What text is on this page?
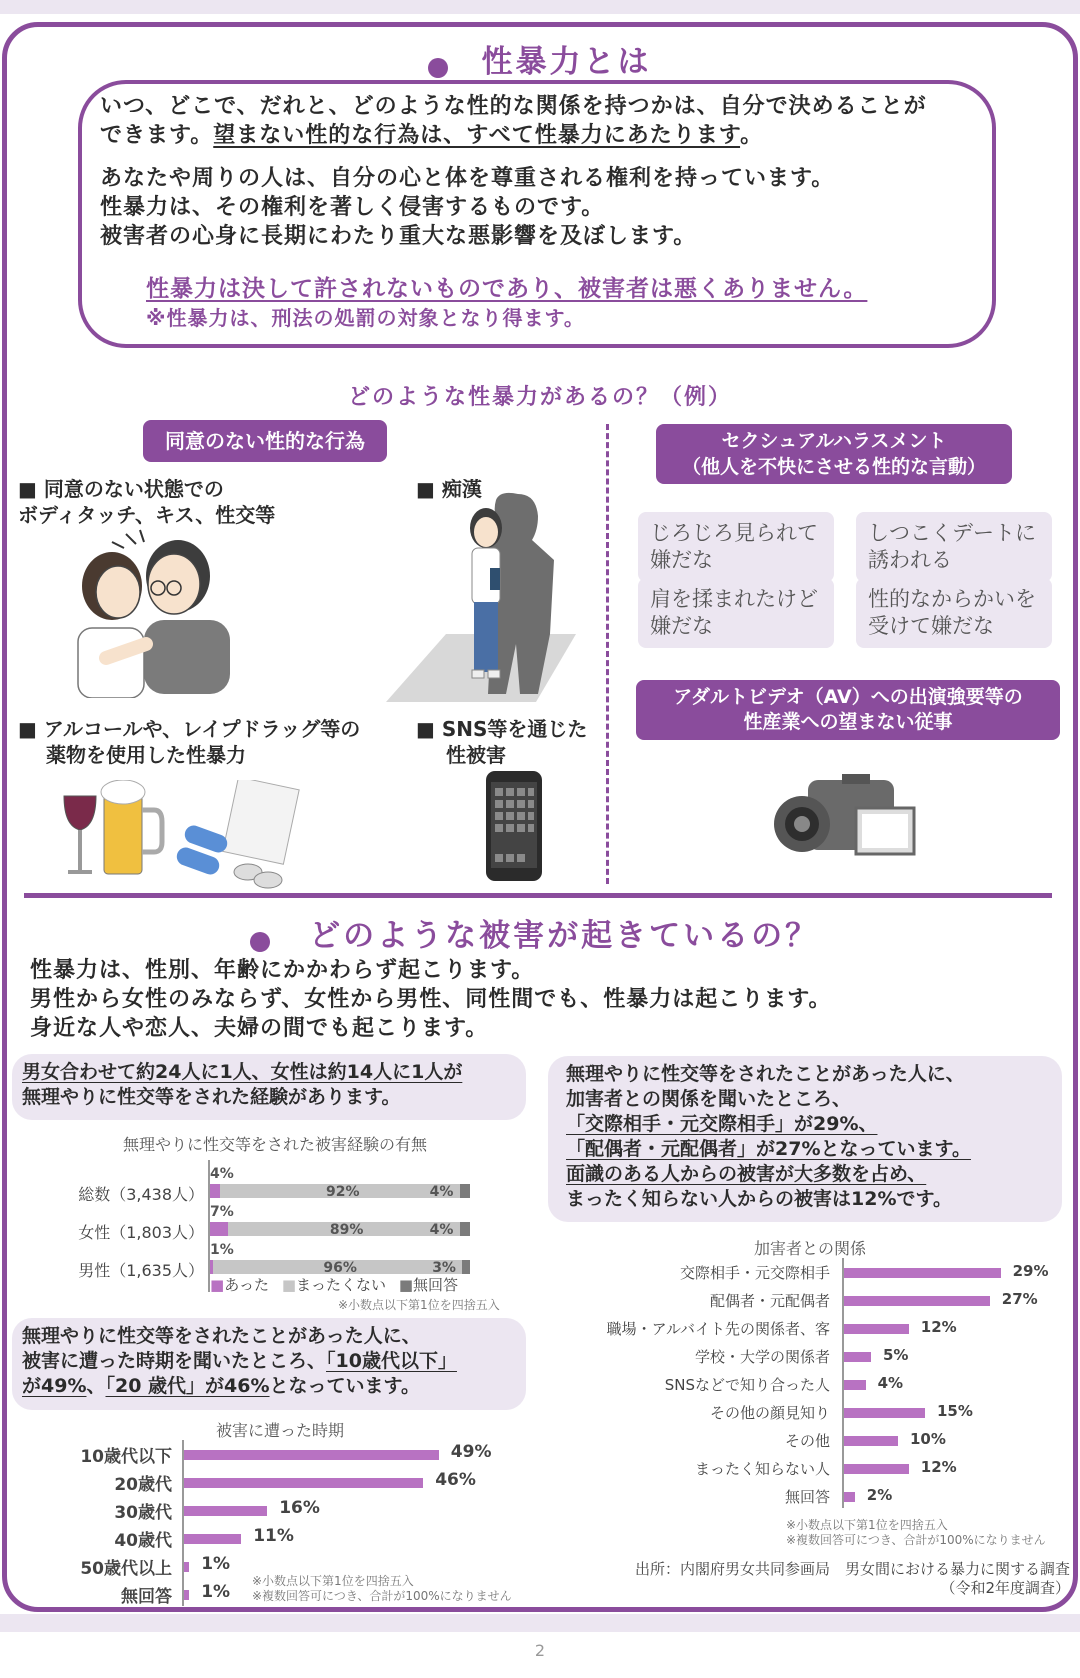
性暴力とは
いつ、どこで、だれと、どのような性的な関係を持つかは、自分で決めることが
できます。望まない性的な行為は、すべて性暴力にあたります。
あなたや周りの人は、自分の心と体を尊重される権利を持っています。
性暴力は、その権利を著しく侵害するものです。
被害者の心身に長期にわたり重大な悪影響を及ぼします。
性暴力は決して許されないものであり、被害者は悪くありません。
※性暴力は、刑法の処罰の対象となり得ます。
どのような性暴力があるの？（例）
同意のない性的な行為
■ 同意のない状態での
ボディタッチ、キス、性交等
■ 痴漢
■ アルコールや、レイプドラッグ等の
薬物を使用した性暴力
■ SNS等を通じた
性被害
セクシュアルハラスメント
（他人を不快にさせる性的な言動）
じろじろ見られて
嫌だな
しつこくデートに
誘われる
肩を揉まれたけど
嫌だな
性的なからかいを
受けて嫌だな
アダルトビデオ（AV）への出演強要等の
性産業への望まない従事
どのような被害が起きているの？
性暴力は、性別、年齢にかかわらず起こります。
男性から女性のみならず、女性から男性、同性間でも、性暴力は起こります。
身近な人や恋人、夫婦の間でも起こります。
男女合わせて約24人に1人、女性は約14人に1人が
無理やりに性交等をされた経験があります。
無理やりに性交等をされた被害経験の有無
総数（3,438人）
4%
92%	4%
女性（1,803人）
7%
89%	4%
男性（1,635人）
1%
96%	3%
■あった ■まったくない ■無回答
※小数点以下第1位を四捨五入
無理やりに性交等をされたことがあった人に、
被害に遭った時期を聞いたところ、「10歳代以下」
が49%、「20 歳代」が46%となっています。
被害に遭った時期
10歳代以下	49%
20歳代	46%
30歳代	16%
40歳代	11%
50歳代以上 1%
無回答 1%
※小数点以下第1位を四捨五入
※複数回答可につき、合計が100%になりません
無理やりに性交等をされたことがあった人に、
加害者との関係を聞いたところ、
「交際相手・元交際相手」が29%、
「配偶者・元配偶者」が27%となっています。
面識のある人からの被害が大多数を占め、
まったく知らない人からの被害は12%です。
加害者との関係
交際相手・元交際相手	29%
配偶者・元配偶者	27%
職場・アルバイト先の関係者、客	12%
学校・大学の関係者	5%
SNSなどで知り合った人	4%
その他の顔見知り	15%
その他	10%
まったく知らない人	12%
無回答 2%
※小数点以下第1位を四捨五入
※複数回答可につき、合計が100%になりません
出所：内閣府男女共同参画局　男女間における暴力に関する調査
（令和2年度調査）
2
